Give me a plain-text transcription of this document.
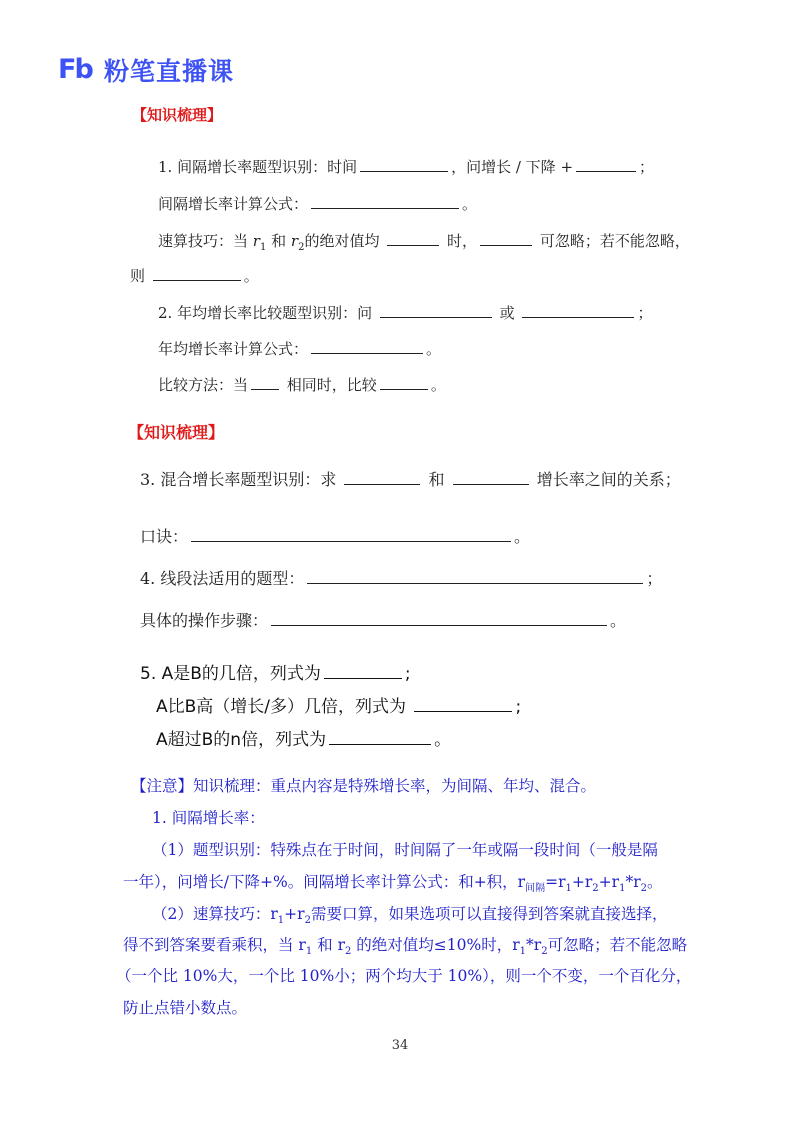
Fb 粉笔直播课
【知识梳理】
1. 间隔增长率题型识别：时间	，问增长 / 下降 +	；
间隔增长率计算公式：	。
速算技巧：当 $r_1$ 和 $r_2$的绝对值均	时，	可忽略；若不能忽略，
则	。
2. 年均增长率比较题型识别：问	或	；
年均增长率计算公式：	。
比较方法：当	相同时，比较	。
【知识梳理】
3. 混合增长率题型识别：求	和	增长率之间的关系；
口诀：	。
4. 线段法适用的题型：	；
具体的操作步骤：	。
5. A是B的几倍，列式为	;
A比B高（增长/多）几倍，列式为	;
A超过B的n倍，列式为	。
【注意】知识梳理：重点内容是特殊增长率，为间隔、年均、混合。
1. 间隔增长率：
（1）题型识别：特殊点在于时间，时间隔了一年或隔一段时间（一般是隔
一年），问增长/下降+%。间隔增长率计算公式：和+积，$r_{间隔}=r_1+r_2+r_1*r_2$。
（2）速算技巧：$r_1+r_2$需要口算，如果选项可以直接得到答案就直接选择，
得不到答案要看乘积，当 $r_1$ 和 $r_2$ 的绝对值均≤10%时，$r_1*r_2$可忽略；若不能忽略
（一个比 10%大，一个比 10%小；两个均大于 10%），则一个不变，一个百化分，
防止点错小数点。
34
